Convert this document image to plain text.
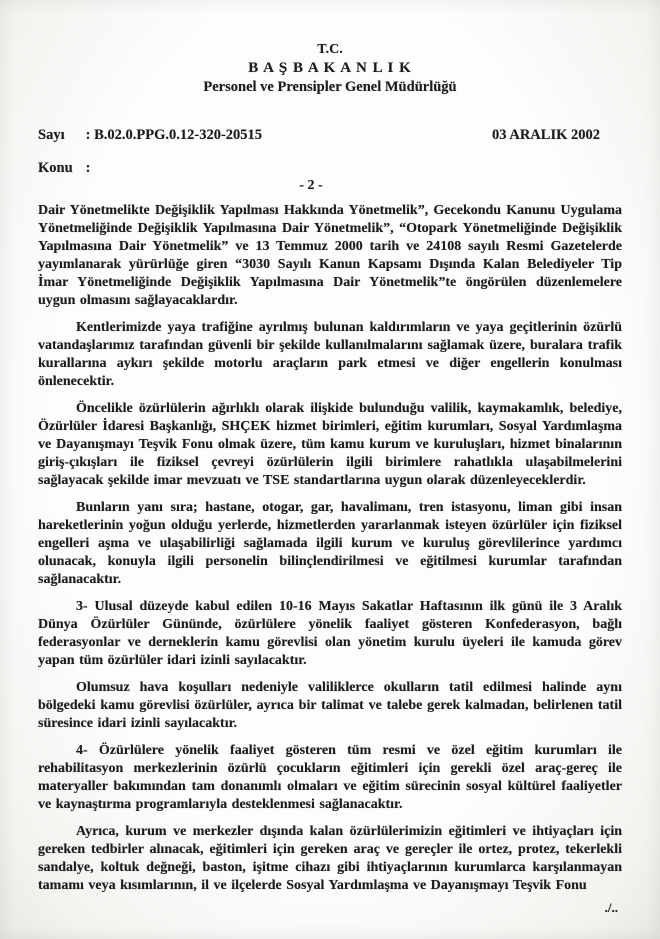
T.C.
B A Ş B A K A N L I K
Personel ve Prensipler Genel Müdürlüğü
Sayı : B.02.0.PPG.0.12-320-20515	03 ARALIK 2002
Konu :
- 2 -

Dair Yönetmelikte Değişiklik Yapılması Hakkında Yönetmelik”, Gecekondu Kanunu Uygulama Yönetmeliğinde Değişiklik Yapılmasına Dair Yönetmelik”, “Otopark Yönetmeliğinde Değişiklik Yapılmasına Dair Yönetmelik” ve 13 Temmuz 2000 tarih ve 24108 sayılı Resmi Gazetelerde yayımlanarak yürürlüğe giren “3030 Sayılı Kanun Kapsamı Dışında Kalan Belediyeler Tip İmar Yönetmeliğinde Değişiklik Yapılmasına Dair Yönetmelik”te öngörülen düzenlemelere uygun olmasını sağlayacaklardır.

Kentlerimizde yaya trafiğine ayrılmış bulunan kaldırımların ve yaya geçitlerinin özürlü vatandaşlarımız tarafından güvenli bir şekilde kullanılmalarını sağlamak üzere, buralara trafik kurallarına aykırı şekilde motorlu araçların park etmesi ve diğer engellerin konulması önlenecektir.

Öncelikle özürlülerin ağırlıklı olarak ilişkide bulunduğu valilik, kaymakamlık, belediye, Özürlüler İdaresi Başkanlığı, SHÇEK hizmet birimleri, eğitim kurumları, Sosyal Yardımlaşma ve Dayanışmayı Teşvik Fonu olmak üzere, tüm kamu kurum ve kuruluşları, hizmet binalarının giriş-çıkışları ile fiziksel çevreyi özürlülerin ilgili birimlere rahatlıkla ulaşabilmelerini sağlayacak şekilde imar mevzuatı ve TSE standartlarına uygun olarak düzenleyeceklerdir.

Bunların yanı sıra; hastane, otogar, gar, havalimanı, tren istasyonu, liman gibi insan hareketlerinin yoğun olduğu yerlerde, hizmetlerden yararlanmak isteyen özürlüler için fiziksel engelleri aşma ve ulaşabilirliği sağlamada ilgili kurum ve kuruluş görevlilerince yardımcı olunacak, konuyla ilgili personelin bilinçlendirilmesi ve eğitilmesi kurumlar tarafından sağlanacaktır.

3- Ulusal düzeyde kabul edilen 10-16 Mayıs Sakatlar Haftasının ilk günü ile 3 Aralık Dünya Özürlüler Gününde, özürlülere yönelik faaliyet gösteren Konfederasyon, bağlı federasyonlar ve derneklerin kamu görevlisi olan yönetim kurulu üyeleri ile kamuda görev yapan tüm özürlüler idari izinli sayılacaktır.

Olumsuz hava koşulları nedeniyle valiliklerce okulların tatil edilmesi halinde aynı bölgedeki kamu görevlisi özürlüler, ayrıca bir talimat ve talebe gerek kalmadan, belirlenen tatil süresince idari izinli sayılacaktır.

4- Özürlülere yönelik faaliyet gösteren tüm resmi ve özel eğitim kurumları ile rehabilitasyon merkezlerinin özürlü çocukların eğitimleri için gerekli özel araç-gereç ile materyaller bakımından tam donanımlı olmaları ve eğitim sürecinin sosyal kültürel faaliyetler ve kaynaştırma programlarıyla desteklenmesi sağlanacaktır.

Ayrıca, kurum ve merkezler dışında kalan özürlülerimizin eğitimleri ve ihtiyaçları için gereken tedbirler alınacak, eğitimleri için gereken araç ve gereçler ile ortez, protez, tekerlekli sandalye, koltuk değneği, baston, işitme cihazı gibi ihtiyaçlarının kurumlarca karşılanmayan tamamı veya kısımlarının, il ve ilçelerde Sosyal Yardımlaşma ve Dayanışmayı Teşvik Fonu

./..
